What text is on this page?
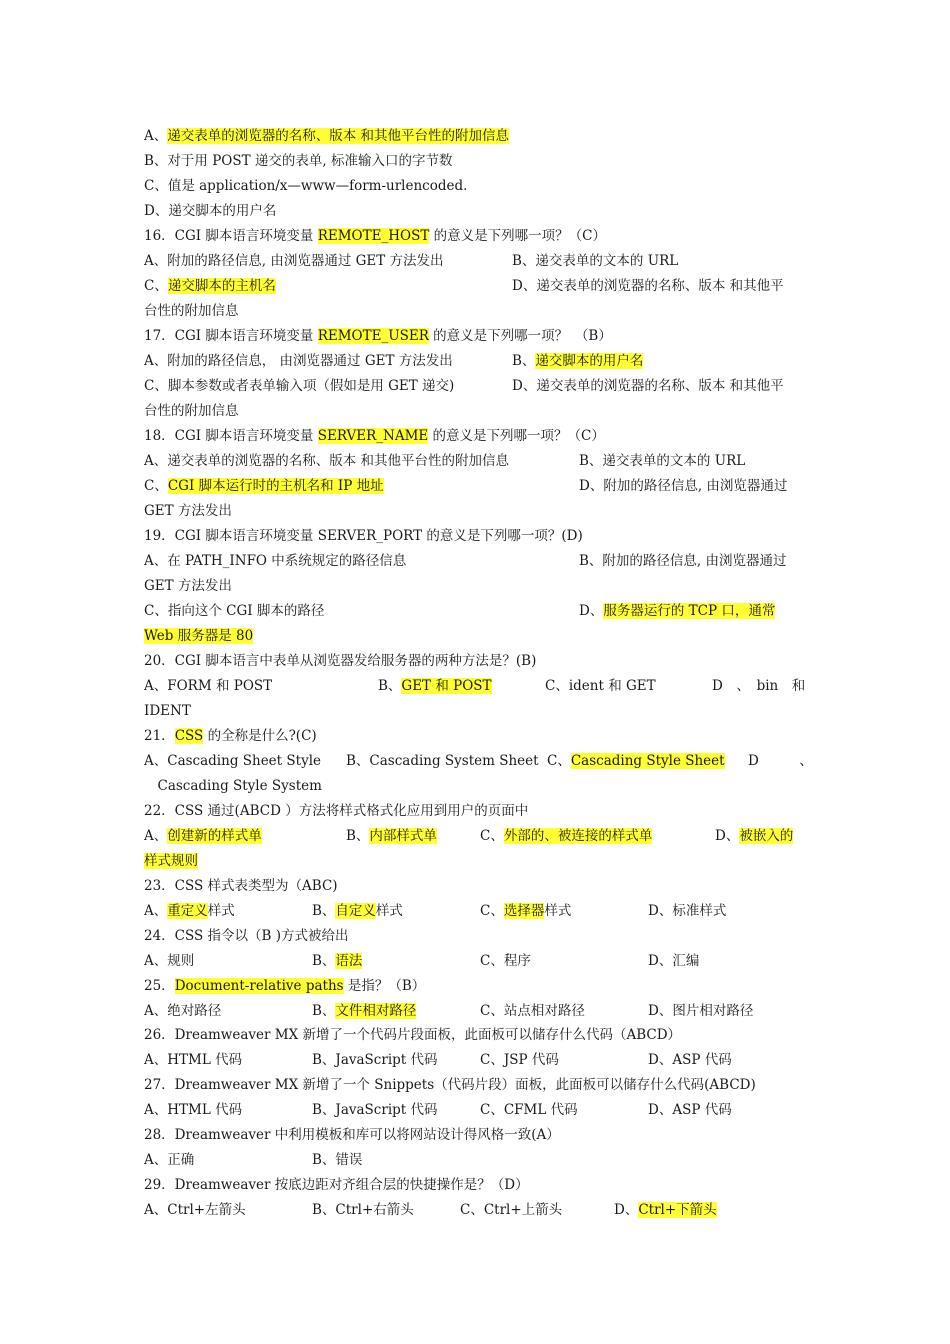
A、递交表单的浏览器的名称、版本 和其他平台性的附加信息
B、对于用 POST 递交的表单, 标准输入口的字节数
C、值是 application/x—www—form-urlencoded.
D、递交脚本的用户名
16．CGI 脚本语言环境变量 REMOTE_HOST 的意义是下列哪一项？（C）
A、附加的路径信息, 由浏览器通过 GET 方法发出	B、递交表单的文本的 URL
C、递交脚本的主机名	D、递交表单的浏览器的名称、版本 和其他平
台性的附加信息
17．CGI 脚本语言环境变量 REMOTE_USER 的意义是下列哪一项？　（B）
A、附加的路径信息， 由浏览器通过 GET 方法发出	B、递交脚本的用户名
C、脚本参数或者表单输入项（假如是用 GET 递交)	D、递交表单的浏览器的名称、版本 和其他平
台性的附加信息
18．CGI 脚本语言环境变量 SERVER_NAME 的意义是下列哪一项？（C）
A、递交表单的浏览器的名称、版本 和其他平台性的附加信息	B、递交表单的文本的 URL
C、CGI 脚本运行时的主机名和 IP 地址	D、附加的路径信息, 由浏览器通过
GET 方法发出
19．CGI 脚本语言环境变量 SERVER_PORT 的意义是下列哪一项？(D)
A、在 PATH_INFO 中系统规定的路径信息	B、附加的路径信息, 由浏览器通过
GET 方法发出
C、指向这个 CGI 脚本的路径	D、服务器运行的 TCP 口，通常
Web 服务器是 80
20．CGI 脚本语言中表单从浏览器发给服务器的两种方法是？(B)
A、FORM 和 POST	B、GET 和 POST	C、ident 和 GET	D　、　bin　和
IDENT
21．CSS 的全称是什么?(C)
A、Cascading Sheet Style B、Cascading System Sheet C、Cascading Style Sheet D　　　、
　Cascading Style System
22．CSS 通过(ABCD ）方法将样式格式化应用到用户的页面中
A、创建新的样式单	B、内部样式单	C、外部的、被连接的样式单	D、被嵌入的
样式规则
23．CSS 样式表类型为（ABC)
A、重定义样式	B、自定义样式	C、选择器样式	D、标准样式
24．CSS 指令以（B )方式被给出
A、规则	B、语法	C、程序	D、汇编
25．Document-relative paths 是指？（B）
A、绝对路径	B、文件相对路径	C、站点相对路径	D、图片相对路径
26．Dreamweaver MX 新增了一个代码片段面板，此面板可以储存什么代码（ABCD）
A、HTML 代码	B、JavaScript 代码	C、JSP 代码	D、ASP 代码
27．Dreamweaver MX 新增了一个 Snippets（代码片段）面板，此面板可以储存什么代码(ABCD)
A、HTML 代码	B、JavaScript 代码	C、CFML 代码	D、ASP 代码
28．Dreamweaver 中利用模板和库可以将网站设计得风格一致(A）
A、正确	B、错误
29．Dreamweaver 按底边距对齐组合层的快捷操作是？（D）
A、Ctrl+左箭头	B、Ctrl+右箭头	C、Ctrl+上箭头	D、Ctrl+下箭头
